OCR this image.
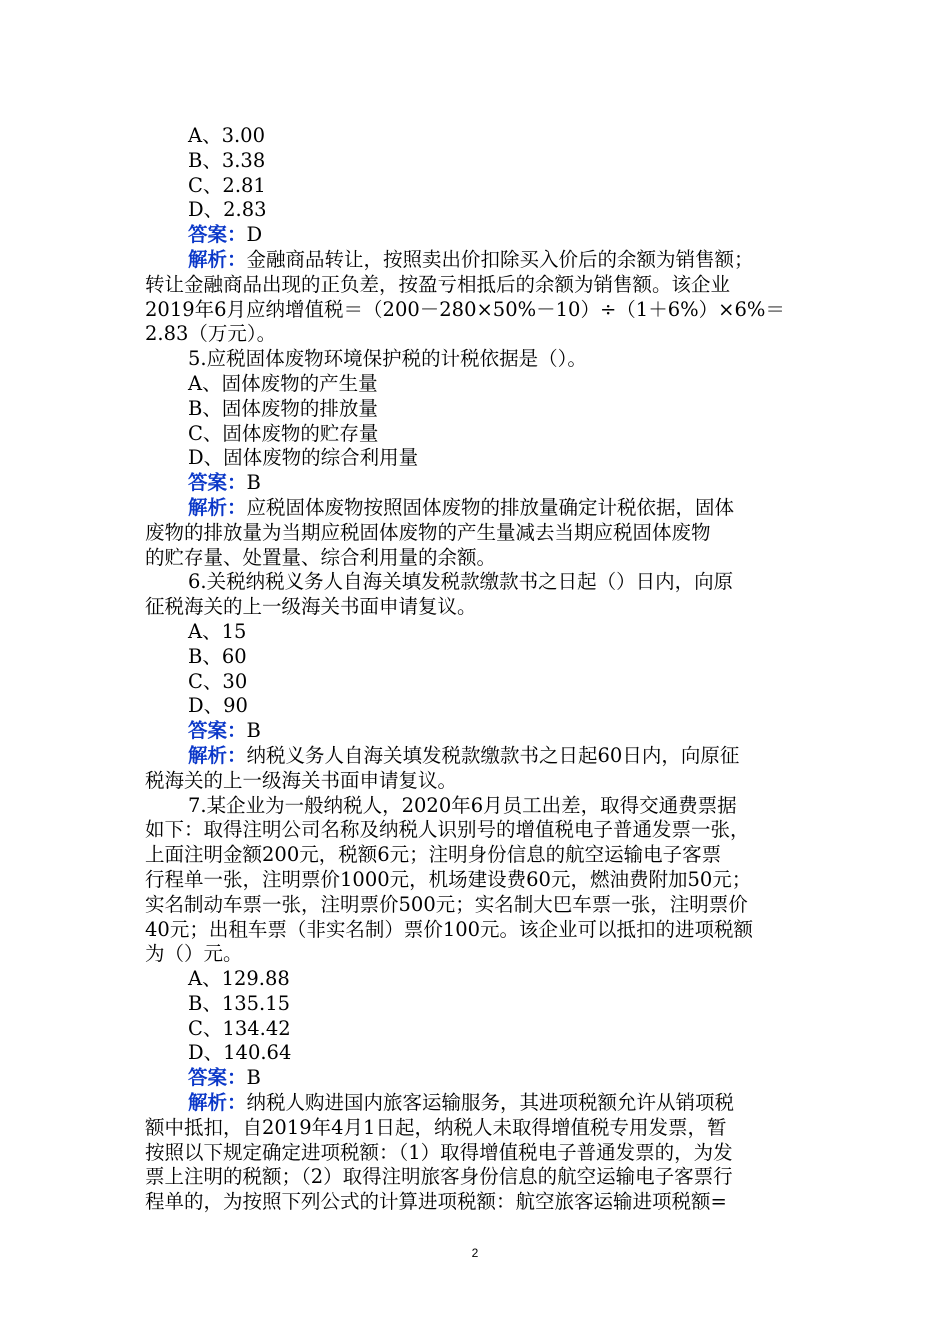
A、3.00
B、3.38
C、2.81
D、2.83
答案：D
解析：金融商品转让，按照卖出价扣除买入价后的余额为销售额；
转让金融商品出现的正负差，按盈亏相抵后的余额为销售额。该企业
2019年6月应纳增值税＝（200－280×50%－10）÷（1＋6%）×6%＝
2.83（万元）。
5.应税固体废物环境保护税的计税依据是（）。
A、固体废物的产生量
B、固体废物的排放量
C、固体废物的贮存量
D、固体废物的综合利用量
答案：B
解析：应税固体废物按照固体废物的排放量确定计税依据，固体
废物的排放量为当期应税固体废物的产生量减去当期应税固体废物
的贮存量、处置量、综合利用量的余额。
6.关税纳税义务人自海关填发税款缴款书之日起（）日内，向原
征税海关的上一级海关书面申请复议。
A、15
B、60
C、30
D、90
答案：B
解析：纳税义务人自海关填发税款缴款书之日起60日内，向原征
税海关的上一级海关书面申请复议。
7.某企业为一般纳税人，2020年6月员工出差，取得交通费票据
如下：取得注明公司名称及纳税人识别号的增值税电子普通发票一张，
上面注明金额200元，税额6元；注明身份信息的航空运输电子客票
行程单一张，注明票价1000元，机场建设费60元，燃油费附加50元；
实名制动车票一张，注明票价500元；实名制大巴车票一张，注明票价
40元；出租车票（非实名制）票价100元。该企业可以抵扣的进项税额
为（）元。
A、129.88
B、135.15
C、134.42
D、140.64
答案：B
解析：纳税人购进国内旅客运输服务，其进项税额允许从销项税
额中抵扣，自2019年4月1日起，纳税人未取得增值税专用发票，暂
按照以下规定确定进项税额：（1）取得增值税电子普通发票的，为发
票上注明的税额；（2）取得注明旅客身份信息的航空运输电子客票行
程单的，为按照下列公式的计算进项税额：航空旅客运输进项税额=
2
